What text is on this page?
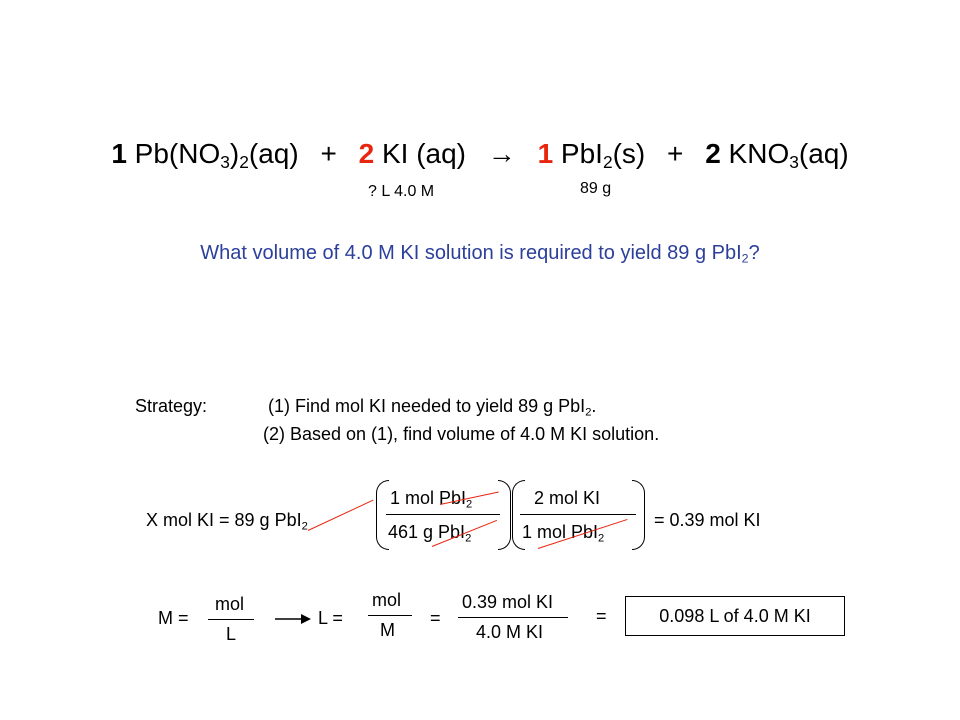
1 $Pb(NO_3)_2(aq) + 2$ KI (aq) → 1 PbI$_2$(s) + 2 $KNO_3(aq)$
? L 4.0 M	89 g
What volume of 4.0 M KI solution is required to yield 89 g PbI$_2$?
Strategy:	(1) Find mol KI needed to yield 89 g PbI$_2$.
(2) Based on (1), find volume of 4.0 M KI solution.
X mol KI = 89 g PbI$_2$
1 mol PbI$_2$
461 g PbI$_2$
2 mol KI
1 mol PbI$_2$
= 0.39 mol KI
M =
mol
L
L =
mol
M
=
0.39 mol KI
4.0 M KI
=	0.098 L of 4.0 M KI
